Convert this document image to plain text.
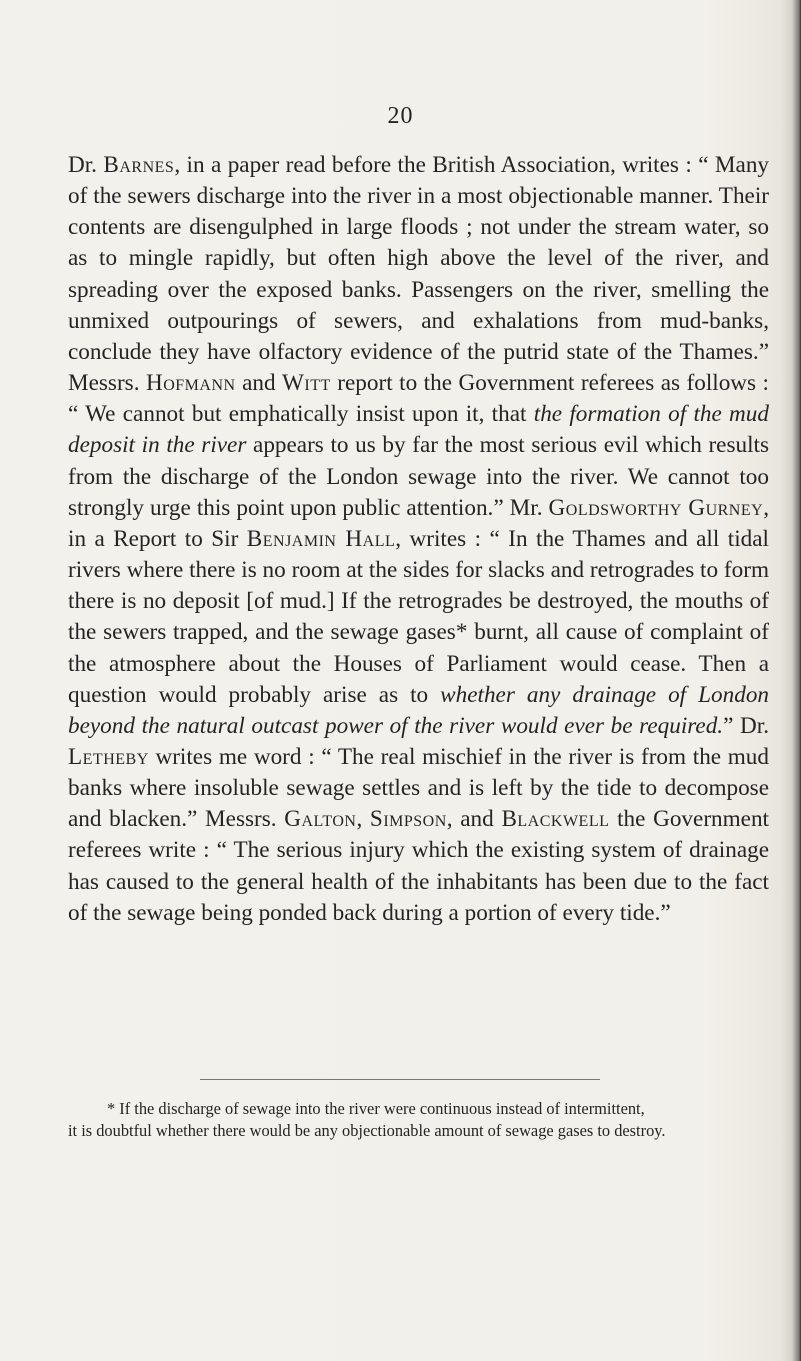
20

Dr. Barnes, in a paper read before the British Association, writes : “ Many of the sewers discharge into the river in a most objectionable manner. Their contents are disengulphed in large floods ; not under the stream water, so as to mingle rapidly, but often high above the level of the river, and spreading over the exposed banks. Passengers on the river, smelling the unmixed outpourings of sewers, and exhalations from mud-banks, conclude they have olfactory evidence of the putrid state of the Thames.” Messrs. Hofmann and Witt report to the Government referees as follows : “ We cannot but emphatically insist upon it, that the formation of the mud deposit in the river appears to us by far the most serious evil which results from the discharge of the London sewage into the river. We cannot too strongly urge this point upon public attention.” Mr. Goldsworthy Gurney, in a Report to Sir Benjamin Hall, writes : “ In the Thames and all tidal rivers where there is no room at the sides for slacks and retrogrades to form there is no deposit [of mud.] If the retrogrades be destroyed, the mouths of the sewers trapped, and the sewage gases* burnt, all cause of complaint of the atmosphere about the Houses of Parliament would cease. Then a question would probably arise as to whether any drainage of London beyond the natural outcast power of the river would ever be required.” Dr. Letheby writes me word : “ The real mischief in the river is from the mud banks where insoluble sewage settles and is left by the tide to decompose and blacken.” Messrs. Galton, Simpson, and Blackwell the Government referees write : “ The serious injury which the existing system of drainage has caused to the general health of the inhabitants has been due to the fact of the sewage being ponded back during a portion of every tide.”

* If the discharge of sewage into the river were continuous instead of intermittent,
it is doubtful whether there would be any objectionable amount of sewage gases to destroy.
